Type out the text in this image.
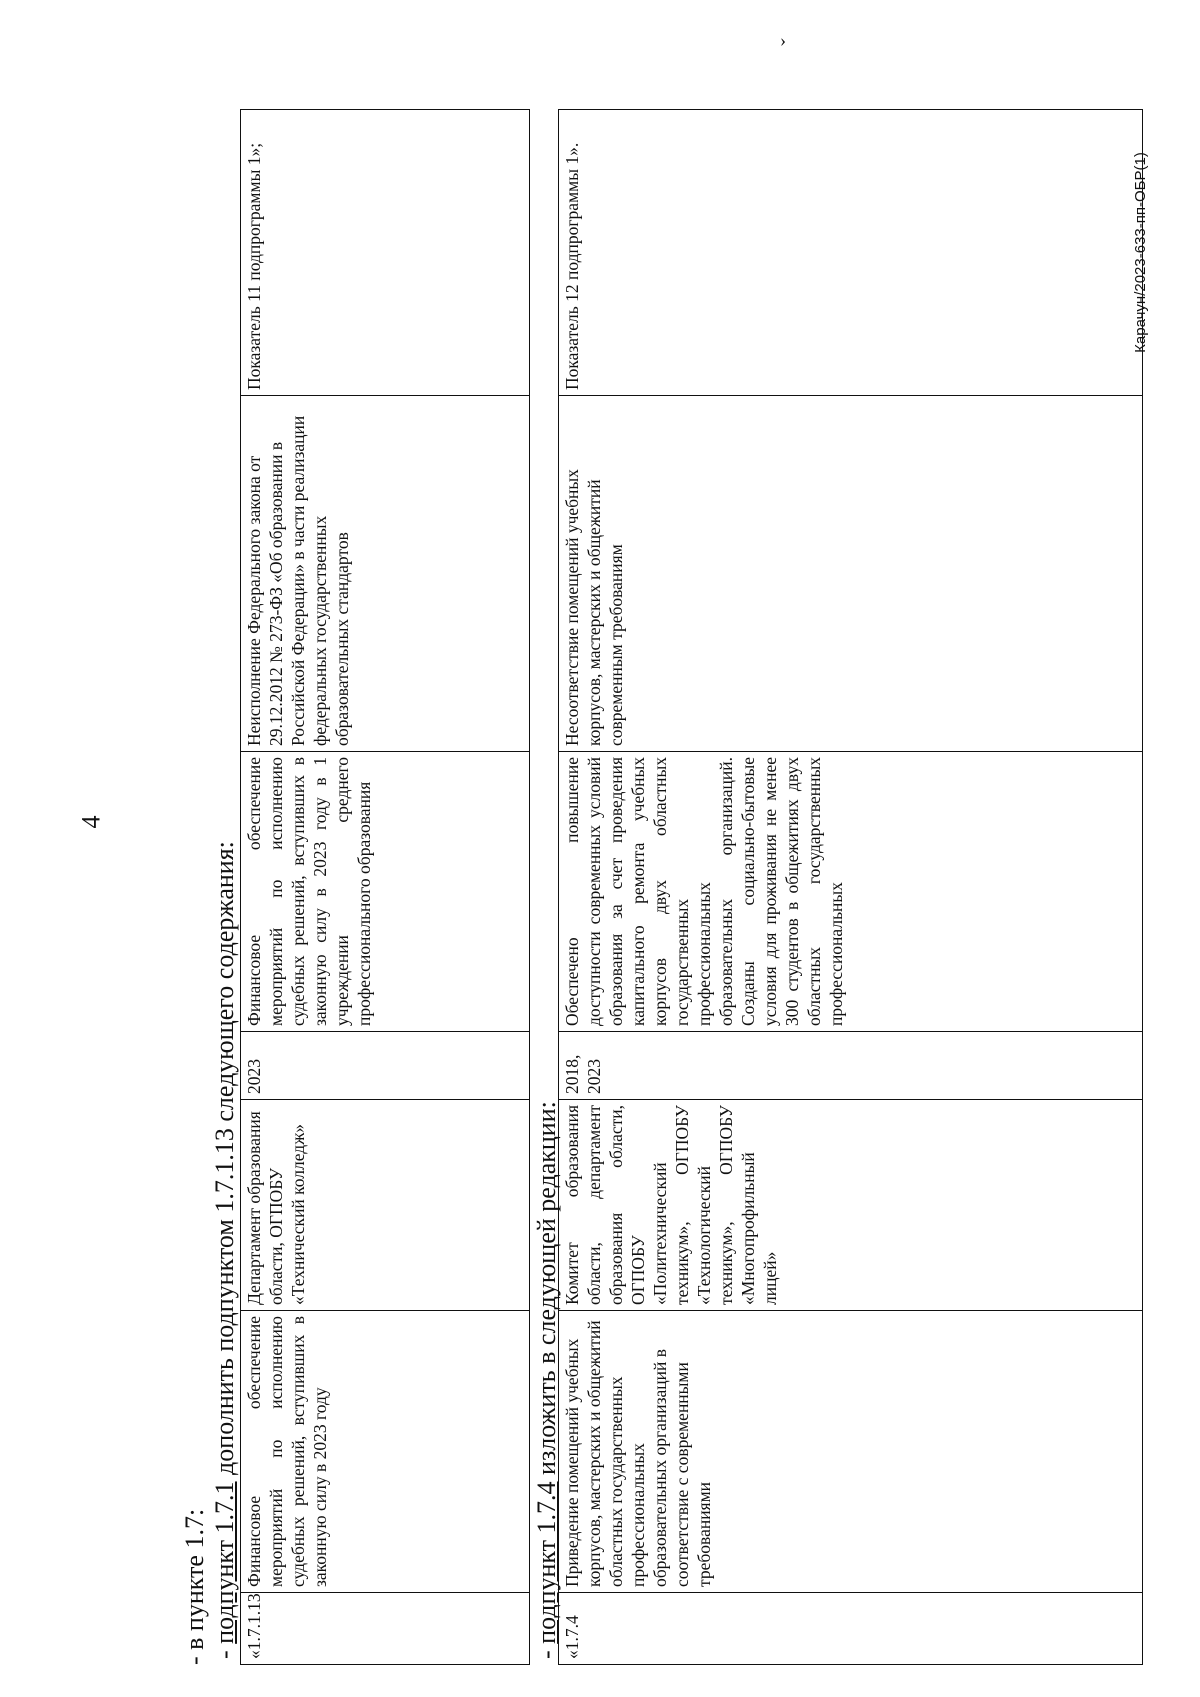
4
›
Карачун/2023-633-пп-ОБР(1)
- в пункте 1.7: - подпункт 1.7.1 дополнить подпунктом 1.7.1.13 следующего содержания:
«1.7.1.13	Финансовое обеспечение мероприятий по исполнению судебных решений, вступивших в законную силу в 2023 году	Департамент образования области, ОГПОБУ «Технический колледж»	2023	Финансовое обеспечение мероприятий по исполнению судебных решений, вступивших в законную силу в 2023 году в 1 учреждении среднего профессионального образования	Неисполнение Федерального закона от 29.12.2012 № 273-ФЗ «Об образовании в Российской Федерации» в части реализации федеральных государственных образовательных стандартов	Показатель 11 подпрограммы 1»;
- подпункт 1.7.4 изложить в следующей редакции:
«1.7.4	Приведение помещений учебных корпусов, мастерских и общежитий областных государственных профессиональных образовательных организаций в соответствие с современными требованиями	Комитет образования области, департамент образования области, ОГПОБУ «Политехнический техникум», ОГПОБУ «Технологический техникум», ОГПОБУ «Многопрофильный лицей»	2018, 2023	Обеспечено повышение доступности современных условий образования за счет проведения капитального ремонта учебных корпусов двух областных государственных профессиональных образовательных организаций. Созданы социально-бытовые условия для проживания не менее 300 студентов в общежитиях двух областных государственных профессиональных	Несоответствие помещений учебных корпусов, мастерских и общежитий современным требованиям	Показатель 12 подпрограммы 1».
